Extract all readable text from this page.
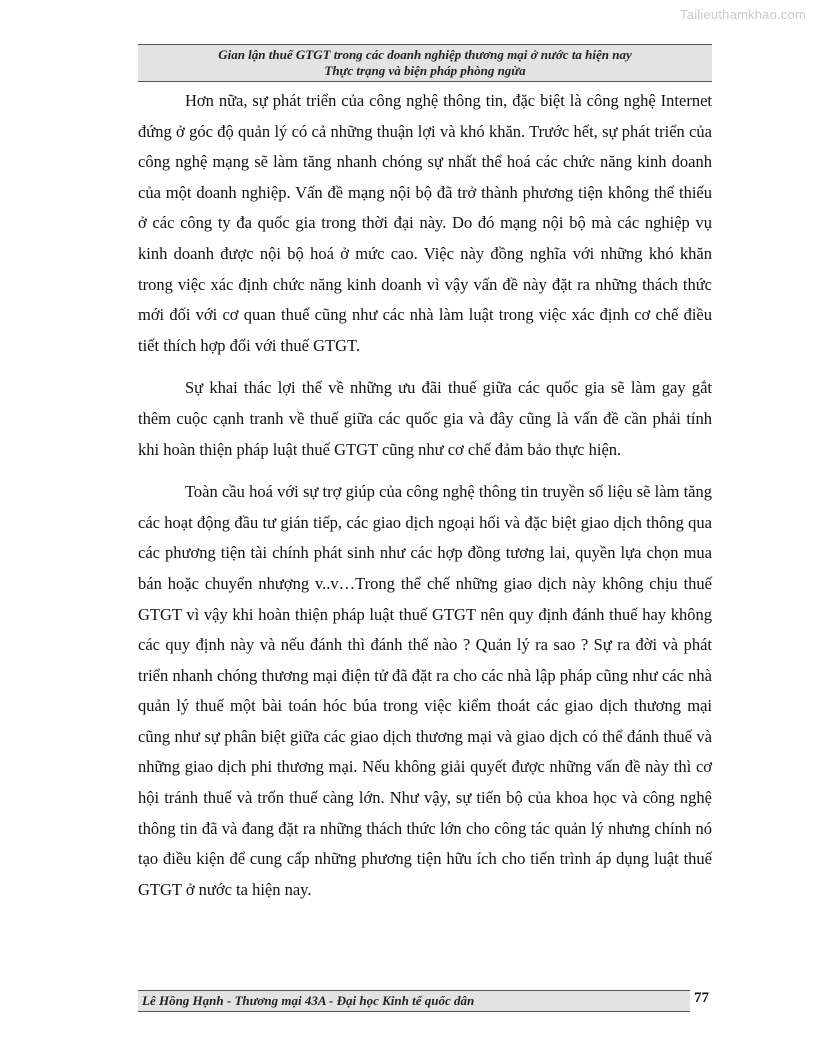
Tailieuthamkhao.com
Gian lận thuế GTGT trong các doanh nghiệp thương mại ở nước ta hiện nay
Thực trạng và biện pháp phòng ngừa

Hơn nữa, sự phát triển của công nghệ thông tin, đặc biệt là công nghệ Internet đứng ở góc độ quản lý có cả những thuận lợi và khó khăn. Trước hết, sự phát triển của công nghệ mạng sẽ làm tăng nhanh chóng sự nhất thể hoá các chức năng kinh doanh của một doanh nghiệp. Vấn đề mạng nội bộ đã trở thành phương tiện không thể thiếu ở các công ty đa quốc gia trong thời đại này. Do đó mạng nội bộ mà các nghiệp vụ kinh doanh được nội bộ hoá ở mức cao. Việc này đồng nghĩa với những khó khăn trong việc xác định chức năng kinh doanh vì vậy vấn đề này đặt ra những thách thức mới đối với cơ quan thuế cũng như các nhà làm luật trong việc xác định cơ chế điều tiết thích hợp đối với thuế GTGT.

Sự khai thác lợi thế về những ưu đãi thuế giữa các quốc gia sẽ làm gay gắt thêm cuộc cạnh tranh về thuế giữa các quốc gia và đây cũng là vấn đề cần phải tính khi hoàn thiện pháp luật thuế GTGT cũng như cơ chế đảm bảo thực hiện.

Toàn cầu hoá với sự trợ giúp của công nghệ thông tin truyền số liệu sẽ làm tăng các hoạt động đầu tư gián tiếp, các giao dịch ngoại hối và đặc biệt giao dịch thông qua các phương tiện tài chính phát sinh như các hợp đồng tương lai, quyền lựa chọn mua bán hoặc chuyển nhượng v..v…Trong thể chế những giao dịch này không chịu thuế GTGT vì vậy khi hoàn thiện pháp luật thuế GTGT nên quy định đánh thuế hay không các quy định này và nếu đánh thì đánh thế nào ? Quản lý ra sao ? Sự ra đời và phát triển nhanh chóng thương mại điện tử đã đặt ra cho các nhà lập pháp cũng như các nhà quản lý thuế một bài toán hóc búa trong việc kiểm thoát các giao dịch thương mại cũng như sự phân biệt giữa các giao dịch thương mại và giao dịch có thể đánh thuế và những giao dịch phi thương mại. Nếu không giải quyết được những vấn đề này thì cơ hội tránh thuế và trốn thuế càng lớn. Như vậy, sự tiến bộ của khoa học và công nghệ thông tin đã và đang đặt ra những thách thức lớn cho công tác quản lý nhưng chính nó tạo điều kiện để cung cấp những phương tiện hữu ích cho tiến trình áp dụng luật thuế GTGT ở nước ta hiện nay.

Lê Hồng Hạnh - Thương mại 43A - Đại học Kinh tế quốc dân	77
